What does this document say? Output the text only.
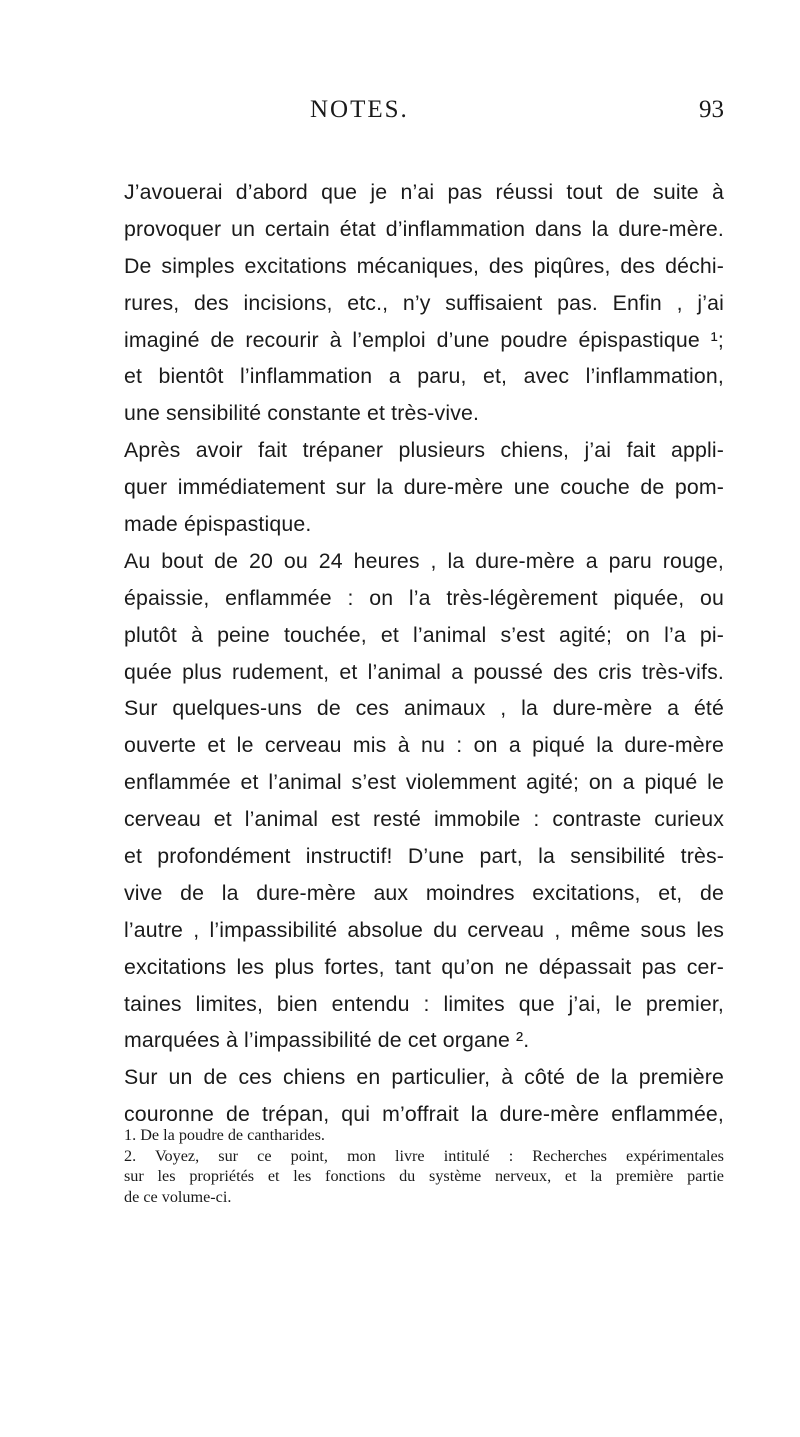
NOTES.	93
J’avouerai d’abord que je n’ai pas réussi tout de suite à
provoquer un certain état d’inflammation dans la dure-mère.
De simples excitations mécaniques, des piqûres, des déchi-
rures, des incisions, etc., n’y suffisaient pas. Enfin , j’ai
imaginé de recourir à l’emploi d’une poudre épispastique ¹;
et bientôt l’inflammation a paru, et, avec l’inflammation,
une sensibilité constante et très-vive.
Après avoir fait trépaner plusieurs chiens, j’ai fait appli-
quer immédiatement sur la dure-mère une couche de pom-
made épispastique.
Au bout de 20 ou 24 heures , la dure-mère a paru rouge,
épaissie, enflammée : on l’a très-légèrement piquée, ou
plutôt à peine touchée, et l’animal s’est agité; on l’a pi-
quée plus rudement, et l’animal a poussé des cris très-vifs.
Sur quelques-uns de ces animaux , la dure-mère a été
ouverte et le cerveau mis à nu : on a piqué la dure-mère
enflammée et l’animal s’est violemment agité; on a piqué le
cerveau et l’animal est resté immobile : contraste curieux
et profondément instructif! D’une part, la sensibilité très-
vive de la dure-mère aux moindres excitations, et, de
l’autre , l’impassibilité absolue du cerveau , même sous les
excitations les plus fortes, tant qu’on ne dépassait pas cer-
taines limites, bien entendu : limites que j’ai, le premier,
marquées à l’impassibilité de cet organe ².
Sur un de ces chiens en particulier, à côté de la première
couronne de trépan, qui m’offrait la dure-mère enflammée,
1. De la poudre de cantharides.
2. Voyez, sur ce point, mon livre intitulé : Recherches expérimentales
sur les propriétés et les fonctions du système nerveux, et la première partie
de ce volume-ci.
